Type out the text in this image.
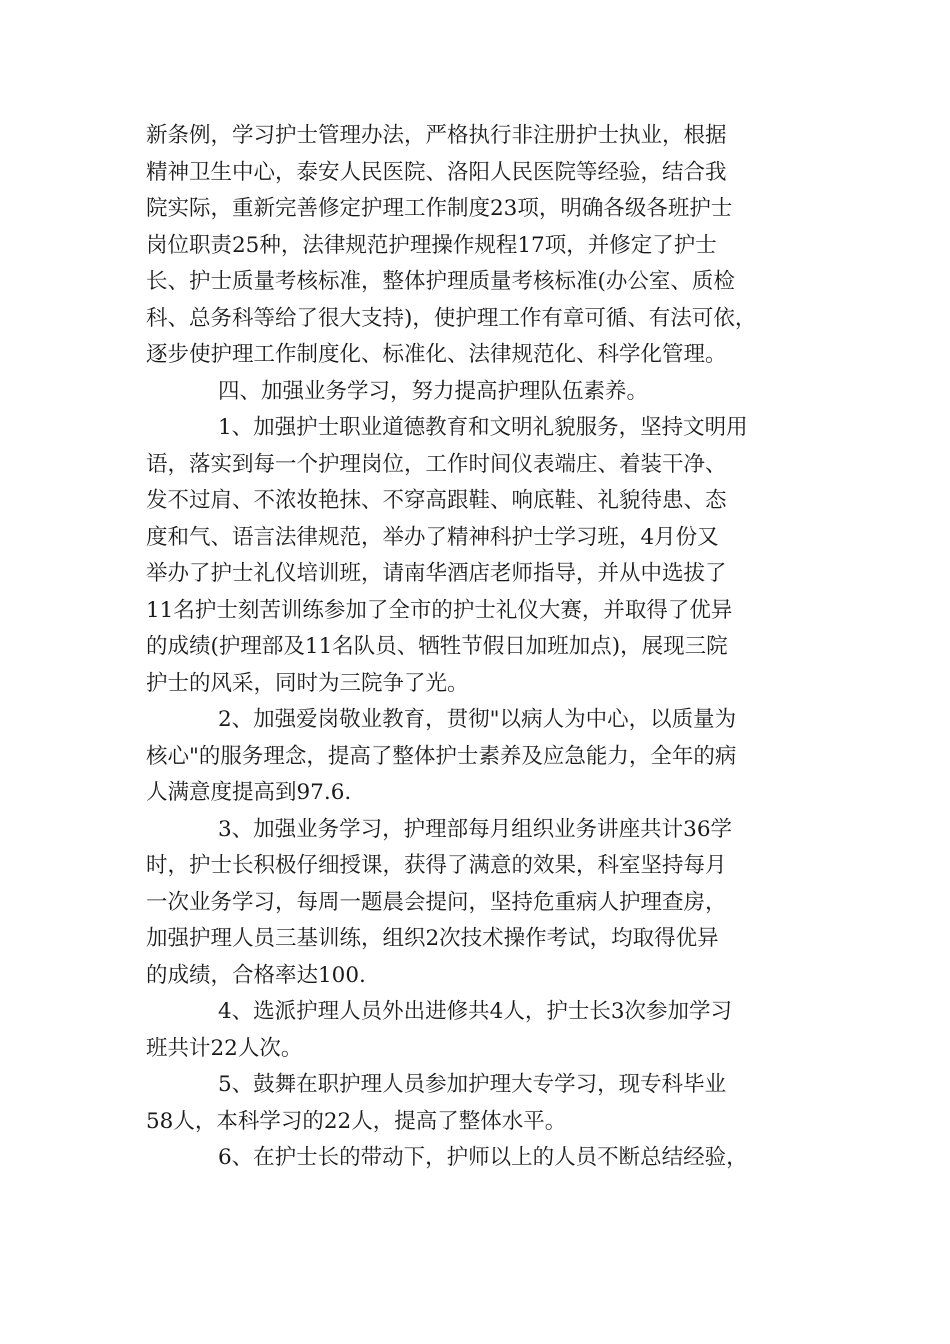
新条例，学习护士管理办法，严格执行非注册护士执业，根据
精神卫生中心，泰安人民医院、洛阳人民医院等经验，结合我
院实际，重新完善修定护理工作制度23项，明确各级各班护士
岗位职责25种，法律规范护理操作规程17项，并修定了护士
长、护士质量考核标准，整体护理质量考核标准(办公室、质检
科、总务科等给了很大支持)，使护理工作有章可循、有法可依，
逐步使护理工作制度化、标准化、法律规范化、科学化管理。
四、加强业务学习，努力提高护理队伍素养。
1、加强护士职业道德教育和文明礼貌服务，坚持文明用
语，落实到每一个护理岗位，工作时间仪表端庄、着装干净、
发不过肩、不浓妆艳抹、不穿高跟鞋、响底鞋、礼貌待患、态
度和气、语言法律规范，举办了精神科护士学习班，4月份又
举办了护士礼仪培训班，请南华酒店老师指导，并从中选拔了
11名护士刻苦训练参加了全市的护士礼仪大赛，并取得了优异
的成绩(护理部及11名队员、牺牲节假日加班加点)，展现三院
护士的风采，同时为三院争了光。
2、加强爱岗敬业教育，贯彻"以病人为中心，以质量为
核心"的服务理念，提高了整体护士素养及应急能力，全年的病
人满意度提高到97.6.
3、加强业务学习，护理部每月组织业务讲座共计36学
时，护士长积极仔细授课，获得了满意的效果，科室坚持每月
一次业务学习，每周一题晨会提问，坚持危重病人护理查房，
加强护理人员三基训练，组织2次技术操作考试，均取得优异
的成绩，合格率达100.
4、选派护理人员外出进修共4人，护士长3次参加学习
班共计22人次。
5、鼓舞在职护理人员参加护理大专学习，现专科毕业
58人，本科学习的22人，提高了整体水平。
6、在护士长的带动下，护师以上的人员不断总结经验，
